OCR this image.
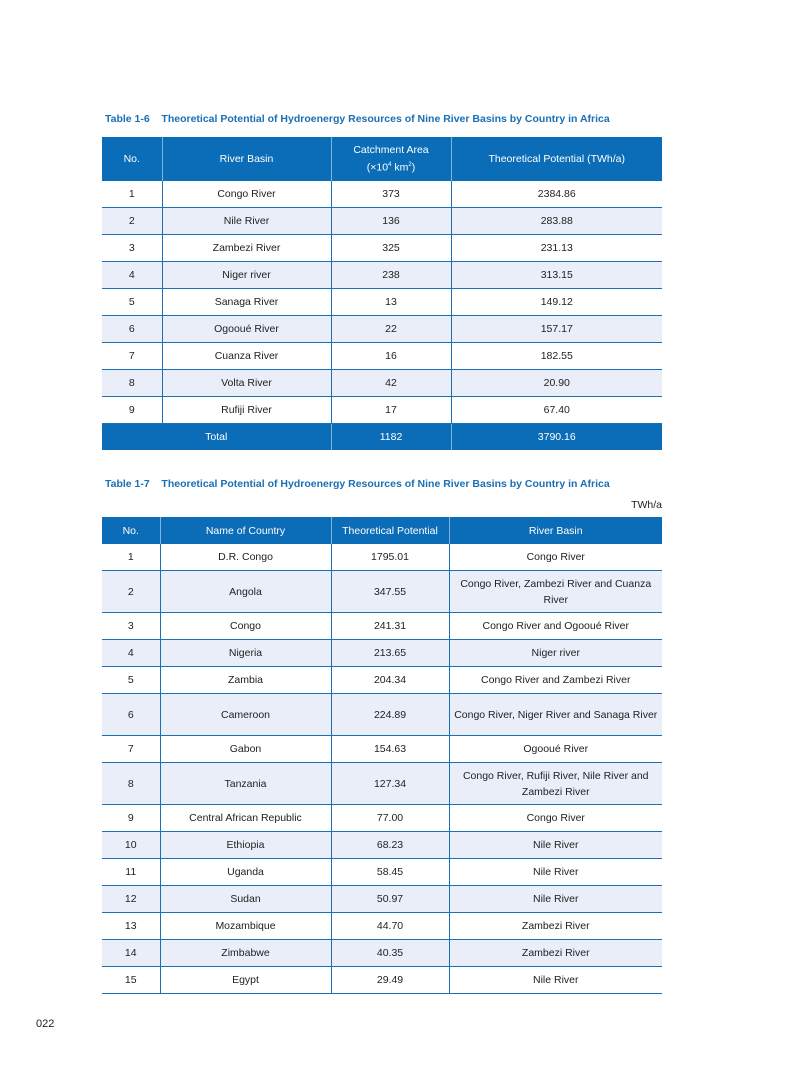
Table 1-6    Theoretical Potential of Hydroenergy Resources of Nine River Basins by Country in Africa
No.	River Basin	Catchment Area
($\times 10^4$ $km^2$)	Theoretical Potential (TWh/a)
1	Congo River	373	2384.86
2	Nile River	136	283.88
3	Zambezi River	325	231.13
4	Niger river	238	313.15
5	Sanaga River	13	149.12
6	Ogooué River	22	157.17
7	Cuanza River	16	182.55
8	Volta River	42	20.90
9	Rufiji River	17	67.40
Total		1182	3790.16
Table 1-7    Theoretical Potential of Hydroenergy Resources of Nine River Basins by Country in Africa
TWh/a
No.	Name of Country	Theoretical Potential	River Basin
1	D.R. Congo	1795.01	Congo River
2	Angola	347.55	Congo River, Zambezi River and Cuanza River
3	Congo	241.31	Congo River and Ogooué River
4	Nigeria	213.65	Niger river
5	Zambia	204.34	Congo River and Zambezi River
6	Cameroon	224.89	Congo River, Niger River and Sanaga River
7	Gabon	154.63	Ogooué River
8	Tanzania	127.34	Congo River, Rufiji River, Nile River and Zambezi River
9	Central African Republic	77.00	Congo River
10	Ethiopia	68.23	Nile River
11	Uganda	58.45	Nile River
12	Sudan	50.97	Nile River
13	Mozambique	44.70	Zambezi River
14	Zimbabwe	40.35	Zambezi River
15	Egypt	29.49	Nile River
022
